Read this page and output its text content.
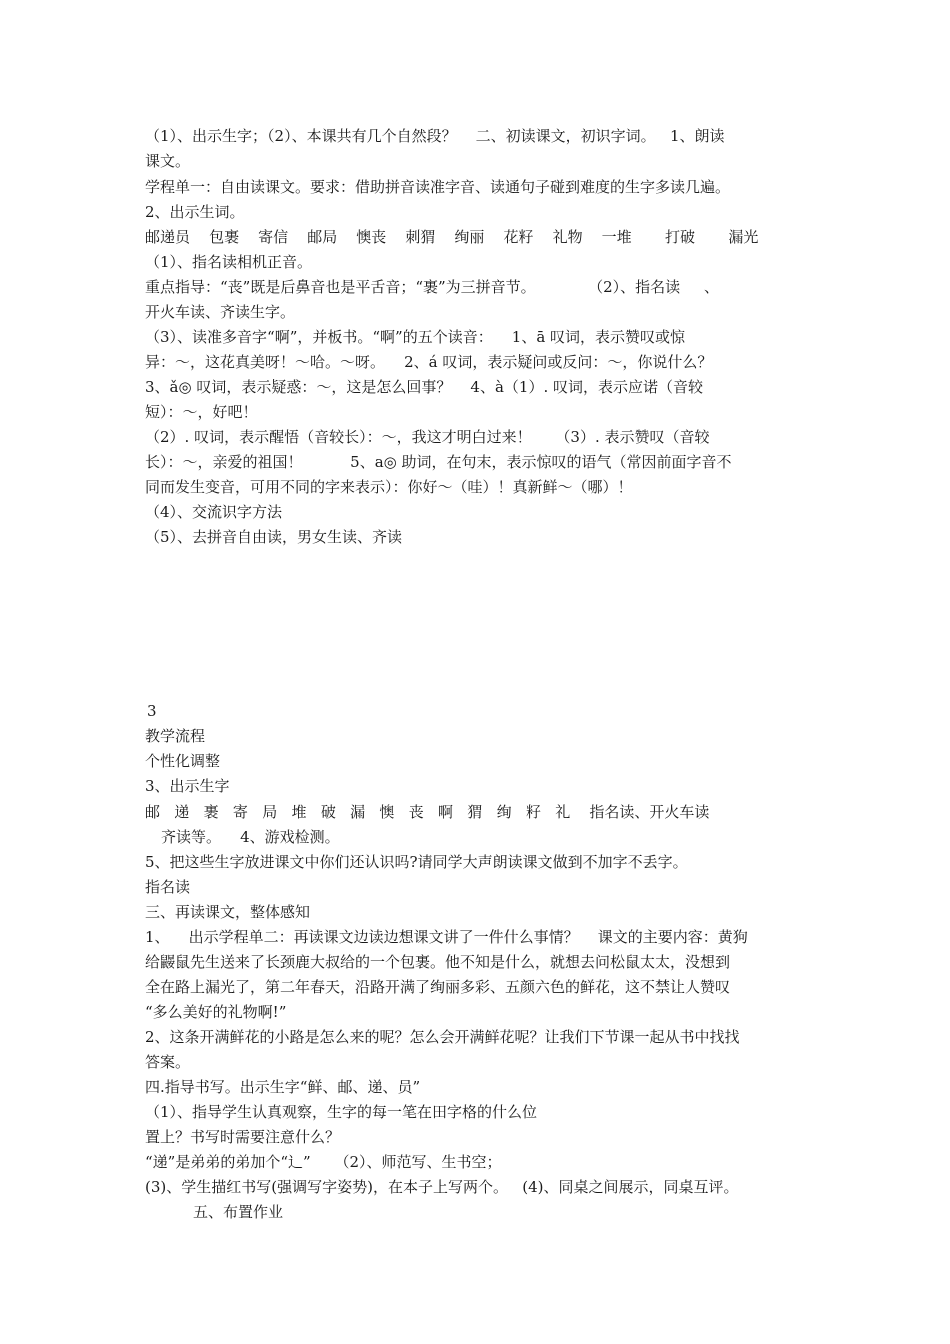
（1）、出示生字；（2）、本课共有几个自然段？    二、初读课文，初识字词。   1、朗读
课文。
学程单一：自由读课文。要求：借助拼音读准字音、读通句子碰到难度的生字多读几遍。
2、出示生词。
邮递员    包裹    寄信    邮局    懊丧    刺猬    绚丽    花籽    礼物    一堆       打破       漏光
（1）、指名读相机正音。
重点指导：“丧”既是后鼻音也是平舌音；“裹”为三拼音节。           （2）、指名读     、
开火车读、齐读生字。
（3）、读准多音字“啊”，并板书。“啊”的五个读音：    1、ā 叹词，表示赞叹或惊
异：～，这花真美呀！～哈。～呀。    2、á 叹词，表示疑问或反问：～，你说什么？
3、ǎ◎ 叹词，表示疑惑：～，这是怎么回事？    4、à（1）. 叹词，表示应诺（音较
短）：～，好吧！
（2）. 叹词，表示醒悟（音较长）：～，我这才明白过来！     （3）. 表示赞叹（音较
长）：～，亲爱的祖国！          5、a◎ 助词，在句末，表示惊叹的语气（常因前面字音不
同而发生变音，可用不同的字来表示）：你好～（哇）！真新鲜～（哪）！
（4）、交流识字方法
（5）、去拼音自由读，男女生读、齐读
3
教学流程
个性化调整
3、出示生字
邮   递   裹   寄   局   堆   破   漏   懊   丧   啊   猬   绚   籽   礼    指名读、开火车读
齐读等。    4、游戏检测。
5、把这些生字放进课文中你们还认识吗?请同学大声朗读课文做到不加字不丢字。
指名读
三、再读课文，整体感知
1、    出示学程单二：再读课文边读边想课文讲了一件什么事情？    课文的主要内容：黄狗
给鼹鼠先生送来了长颈鹿大叔给的一个包裹。他不知是什么，就想去问松鼠太太，没想到
全在路上漏光了，第二年春天，沿路开满了绚丽多彩、五颜六色的鲜花，这不禁让人赞叹
“多么美好的礼物啊!”
2、这条开满鲜花的小路是怎么来的呢？怎么会开满鲜花呢？让我们下节课一起从书中找找
答案。
四.指导书写。出示生字“鲜、邮、递、员”
（1）、指导学生认真观察，生字的每一笔在田字格的什么位
置上？书写时需要注意什么？
“递”是弟弟的弟加个“辶”     （2）、师范写、生书空；
(3)、学生描红书写(强调写字姿势)，在本子上写两个。   (4)、同桌之间展示，同桌互评。
五、布置作业
